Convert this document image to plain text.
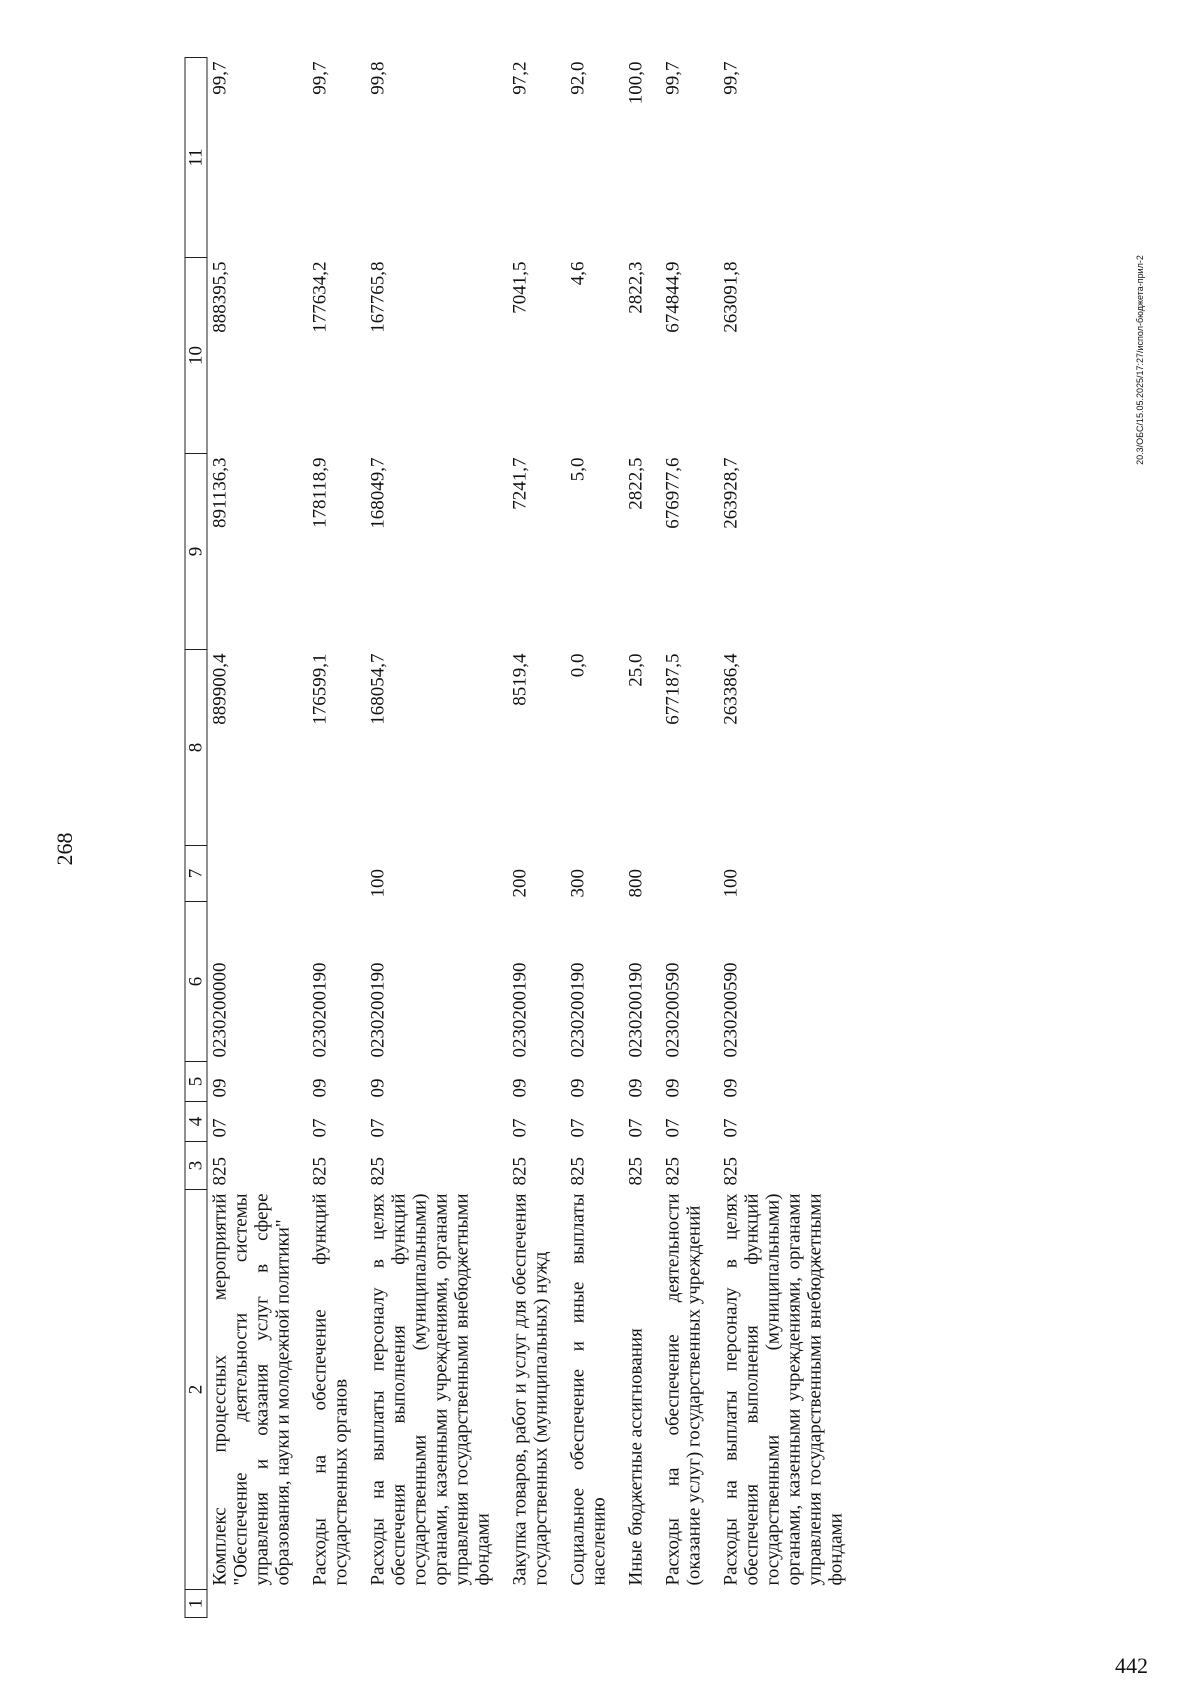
268
20.3/ОБС/15.05.2025/17:27/испол-бюджета-прил-2
1	2	3	4	5	6	7	8	9	10	11
	Комплекс процессных мероприятий "Обеспечение деятельности системы управления и оказания услуг в сфере образования, науки и молодежной политики"	825	07	09	0230200000		889900,4	891136,3	888395,5	99,7
	Расходы на обеспечение функций государственных органов	825	07	09	0230200190		176599,1	178118,9	177634,2	99,7
	Расходы на выплаты персоналу в целях обеспечения выполнения функций государственными (муниципальными) органами, казенными учреждениями, органами управления государственными внебюджетными фондами	825	07	09	0230200190	100	168054,7	168049,7	167765,8	99,8
	Закупка товаров, работ и услуг для обеспечения государственных (муниципальных) нужд	825	07	09	0230200190	200	8519,4	7241,7	7041,5	97,2
	Социальное обеспечение и иные выплаты населению	825	07	09	0230200190	300	0,0	5,0	4,6	92,0
	Иные бюджетные ассигнования	825	07	09	0230200190	800	25,0	2822,5	2822,3	100,0
	Расходы на обеспечение деятельности (оказание услуг) государственных учреждений	825	07	09	0230200590		677187,5	676977,6	674844,9	99,7
	Расходы на выплаты персоналу в целях обеспечения выполнения функций государственными (муниципальными) органами, казенными учреждениями, органами управления государственными внебюджетными фондами	825	07	09	0230200590	100	263386,4	263928,7	263091,8	99,7
442
